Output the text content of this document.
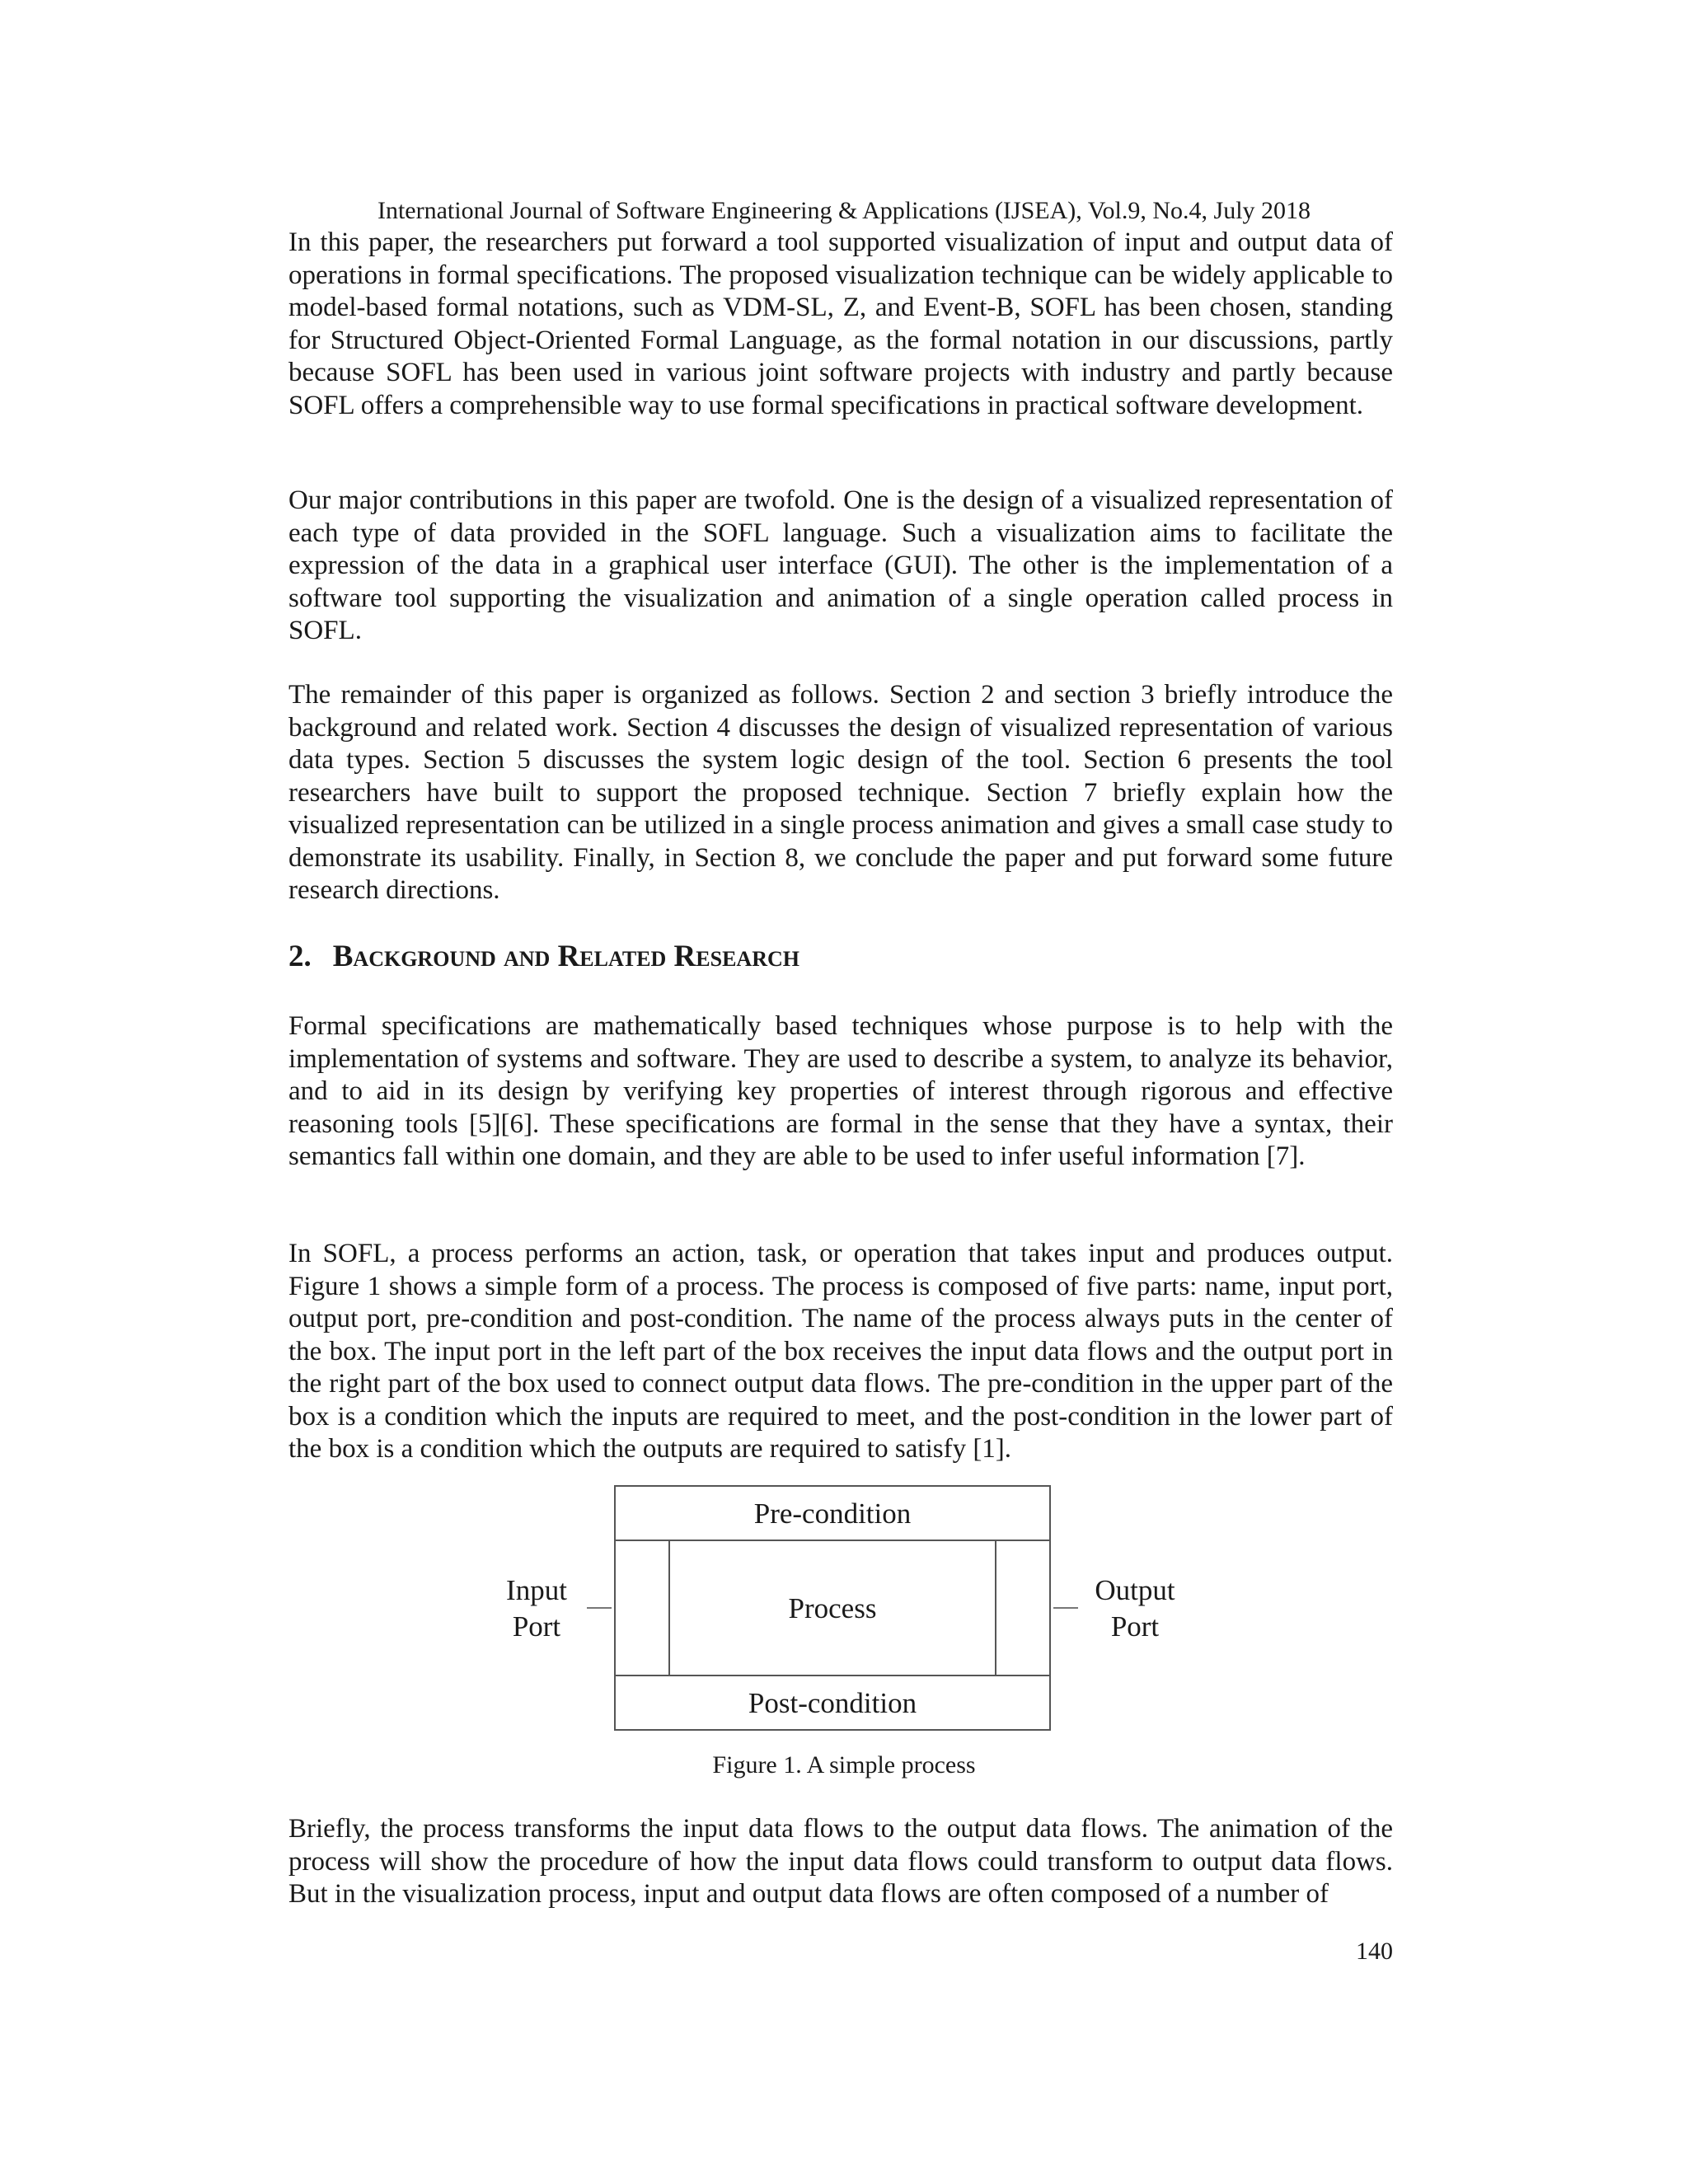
International Journal of Software Engineering & Applications (IJSEA), Vol.9, No.4, July 2018

In this paper, the researchers put forward a tool supported visualization of input and output data of operations in formal specifications. The proposed visualization technique can be widely applicable to model-based formal notations, such as VDM-SL, Z, and Event-B, SOFL has been chosen, standing for Structured Object-Oriented Formal Language, as the formal notation in our discussions, partly because SOFL has been used in various joint software projects with industry and partly because SOFL offers a comprehensible way to use formal specifications in practical software development.

Our major contributions in this paper are twofold. One is the design of a visualized representation of each type of data provided in the SOFL language. Such a visualization aims to facilitate the expression of the data in a graphical user interface (GUI). The other is the implementation of a software tool supporting the visualization and animation of a single operation called process in SOFL.

The remainder of this paper is organized as follows. Section 2 and section 3 briefly introduce the background and related work. Section 4 discusses the design of visualized representation of various data types. Section 5 discusses the system logic design of the tool. Section 6 presents the tool researchers have built to support the proposed technique. Section 7 briefly explain how the visualized representation can be utilized in a single process animation and gives a small case study to demonstrate its usability. Finally, in Section 8, we conclude the paper and put forward some future research directions.

2. Background and Related Research

Formal specifications are mathematically based techniques whose purpose is to help with the implementation of systems and software. They are used to describe a system, to analyze its behavior, and to aid in its design by verifying key properties of interest through rigorous and effective reasoning tools [5][6]. These specifications are formal in the sense that they have a syntax, their semantics fall within one domain, and they are able to be used to infer useful information [7].

In SOFL, a process performs an action, task, or operation that takes input and produces output. Figure 1 shows a simple form of a process. The process is composed of five parts: name, input port, output port, pre-condition and post-condition. The name of the process always puts in the center of the box. The input port in the left part of the box receives the input data flows and the output port in the right part of the box used to connect output data flows. The pre-condition in the upper part of the box is a condition which the inputs are required to meet, and the post-condition in the lower part of the box is a condition which the outputs are required to satisfy [1].

Input
Port
Pre-condition
Process
Post-condition
Output
Port
Figure 1. A simple process

Briefly, the process transforms the input data flows to the output data flows. The animation of the process will show the procedure of how the input data flows could transform to output data flows. But in the visualization process, input and output data flows are often composed of a number of

140
